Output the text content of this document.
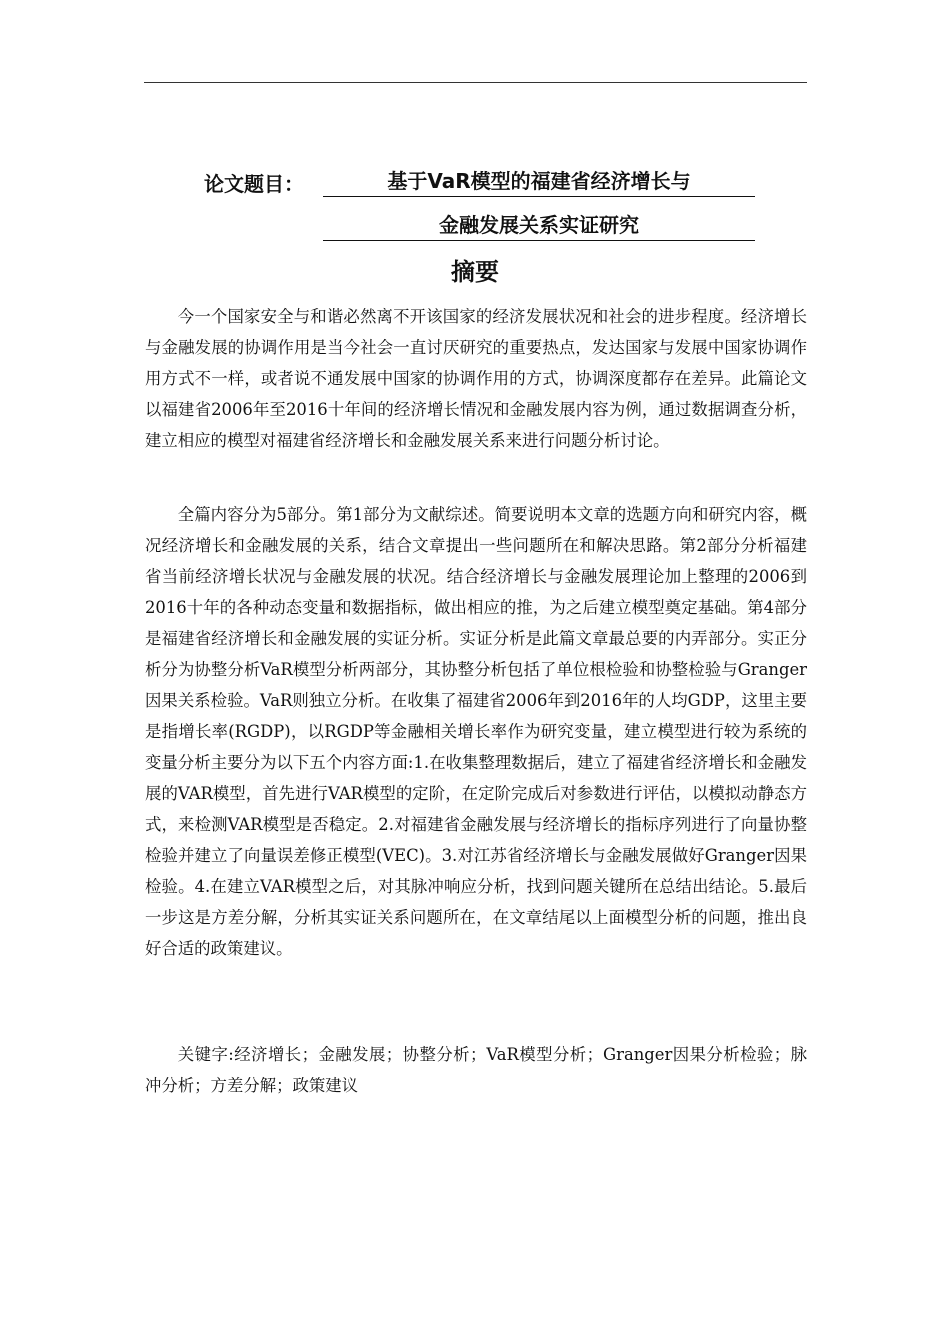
论文题目：	基于VaR模型的福建省经济增长与
金融发展关系实证研究
摘要

今一个国家安全与和谐必然离不开该国家的经济发展状况和社会的进步程度。经济增长与金融发展的协调作用是当今社会一直讨厌研究的重要热点，发达国家与发展中国家协调作用方式不一样，或者说不通发展中国家的协调作用的方式，协调深度都存在差异。此篇论文以福建省2006年至2016十年间的经济增长情况和金融发展内容为例，通过数据调查分析，建立相应的模型对福建省经济增长和金融发展关系来进行问题分析讨论。

全篇内容分为5部分。第1部分为文献综述。简要说明本文章的选题方向和研究内容，概况经济增长和金融发展的关系，结合文章提出一些问题所在和解决思路。第2部分分析福建省当前经济增长状况与金融发展的状况。结合经济增长与金融发展理论加上整理的2006到2016十年的各种动态变量和数据指标，做出相应的推，为之后建立模型奠定基础。第4部分是福建省经济增长和金融发展的实证分析。实证分析是此篇文章最总要的内弄部分。实正分析分为协整分析VaR模型分析两部分，其协整分析包括了单位根检验和协整检验与Granger因果关系检验。VaR则独立分析。在收集了福建省2006年到2016年的人均GDP，这里主要是指增长率(RGDP)，以RGDP等金融相关增长率作为研究变量，建立模型进行较为系统的变量分析主要分为以下五个内容方面:1.在收集整理数据后，建立了福建省经济增长和金融发展的VAR模型，首先进行VAR模型的定阶，在定阶完成后对参数进行评估，以模拟动静态方式，来检测VAR模型是否稳定。2.对福建省金融发展与经济增长的指标序列进行了向量协整检验并建立了向量误差修正模型(VEC)。3.对江苏省经济增长与金融发展做好Granger因果检验。4.在建立VAR模型之后，对其脉冲响应分析，找到问题关键所在总结出结论。5.最后一步这是方差分解，分析其实证关系问题所在，在文章结尾以上面模型分析的问题，推出良好合适的政策建议。

关键字:经济增长；金融发展；协整分析；VaR模型分析；Granger因果分析检验；脉冲分析；方差分解；政策建议
